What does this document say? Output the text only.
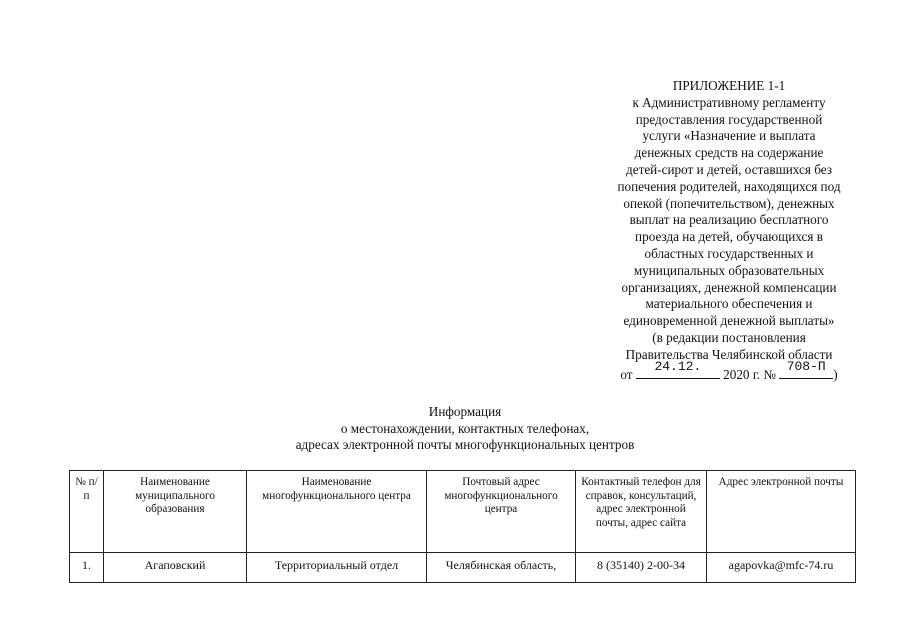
ПРИЛОЖЕНИЕ 1-1
к Административному регламенту
предоставления государственной
услуги «Назначение и выплата
денежных средств на содержание
детей-сирот и детей, оставшихся без
попечения родителей, находящихся под
опекой (попечительством), денежных
выплат на реализацию бесплатного
проезда на детей, обучающихся в
областных государственных и
муниципальных образовательных
организациях, денежной компенсации
материального обеспечения и
единовременной денежной выплаты»
(в редакции постановления
Правительства Челябинской области
от
24.12.
2020 г. №
708-П
)
Информация
о местонахождении, контактных телефонах,
адресах электронной почты многофункциональных центров
№ п/п	Наименование муниципального образования	Наименование многофункционального центра	Почтовый адрес многофункционального центра	Контактный телефон для справок, консультаций, адрес электронной почты, адрес сайта	Адрес электронной почты
1.	Агаповский	Территориальный отдел	Челябинская область,	8 (35140) 2-00-34	agapovka@mfc-74.ru
